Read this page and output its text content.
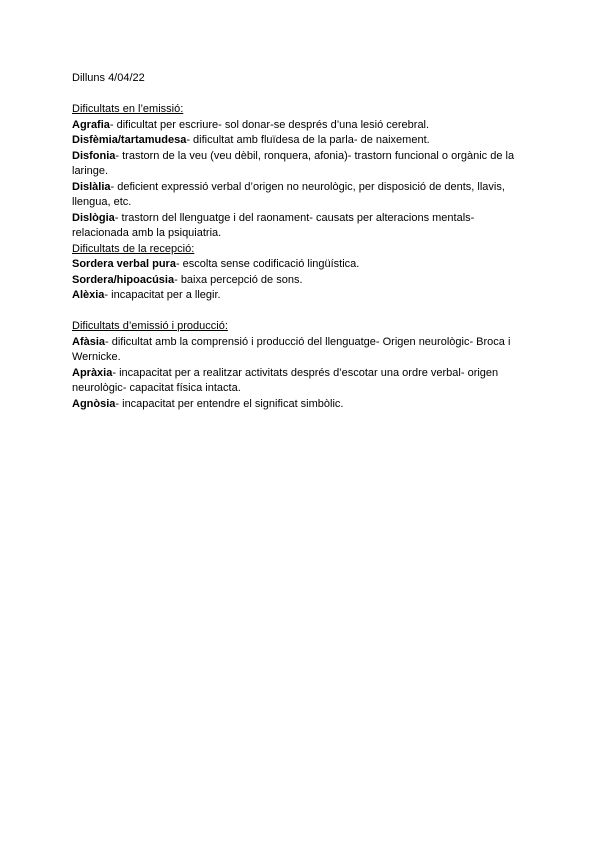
Dilluns 4/04/22
Dificultats en l’emissió:
Agrafia- dificultat per escriure- sol donar-se després d’una lesió cerebral.
Disfèmia/tartamudesa- dificultat amb fluïdesa de la parla- de naixement.
Disfonia- trastorn de la veu (veu dèbil, ronquera, afonia)- trastorn funcional o orgànic de la laringe.
Dislàlia- deficient expressió verbal d’origen no neurològic, per disposició de dents, llavis, llengua, etc.
Dislògia- trastorn del llenguatge i del raonament- causats per alteracions mentals- relacionada amb la psiquiatria.
Dificultats de la recepció:
Sordera verbal pura- escolta sense codificació lingüística.
Sordera/hipoacúsia- baixa percepció de sons.
Alèxia- incapacitat per a llegir.
Dificultats d’emissió i producció:
Afàsia- dificultat amb la comprensió i producció del llenguatge- Origen neurològic- Broca i Wernicke.
Apràxia- incapacitat per a realitzar activitats després d’escotar una ordre verbal- origen neurològic- capacitat física intacta.
Agnòsia- incapacitat per entendre el significat simbòlic.
